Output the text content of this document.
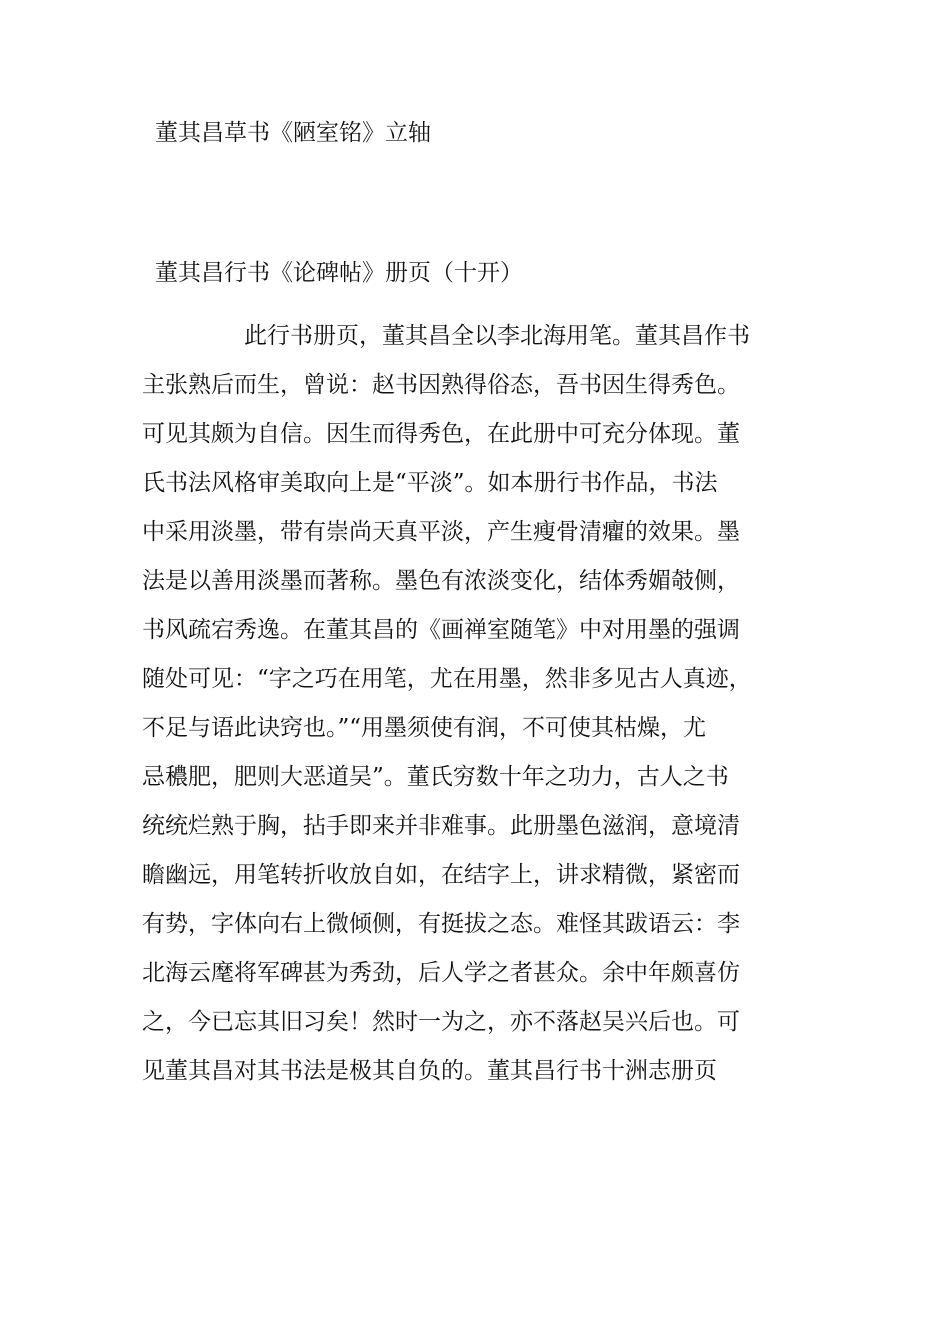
董其昌草书《陋室铭》立轴
董其昌行书《论碑帖》册页（十开）
此行书册页，董其昌全以李北海用笔。董其昌作书
主张熟后而生，曾说：赵书因熟得俗态，吾书因生得秀色。
可见其颇为自信。因生而得秀色，在此册中可充分体现。董
氏书法风格审美取向上是“平淡”。如本册行书作品，书法
中采用淡墨，带有崇尚天真平淡，产生瘦骨清癯的效果。墨
法是以善用淡墨而著称。墨色有浓淡变化，结体秀媚攲侧，
书风疏宕秀逸。在董其昌的《画禅室随笔》中对用墨的强调
随处可见：“字之巧在用笔，尤在用墨，然非多见古人真迹，
不足与语此诀窍也。”“用墨须使有润，不可使其枯燥，尤
忌穠肥，肥则大恶道吴”。董氏穷数十年之功力，古人之书
统统烂熟于胸，拈手即来并非难事。此册墨色滋润，意境清
瞻幽远，用笔转折收放自如，在结字上，讲求精微，紧密而
有势，字体向右上微倾侧，有挺拔之态。难怪其跋语云：李
北海云麾将军碑甚为秀劲，后人学之者甚众。余中年颇喜仿
之，今已忘其旧习矣！然时一为之，亦不落赵吴兴后也。可
见董其昌对其书法是极其自负的。董其昌行书十洲志册页
